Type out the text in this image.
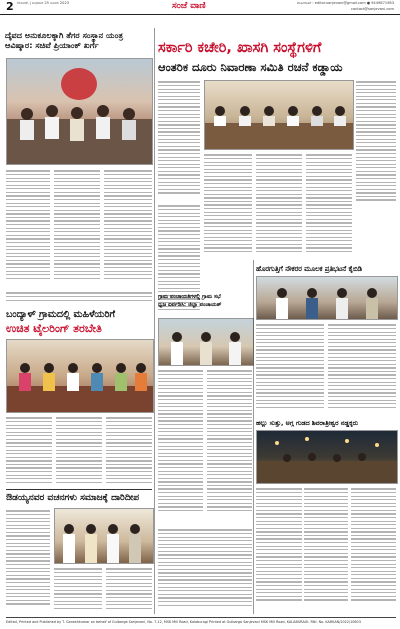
2 ಕಲಬುರಗಿ | ಬುಧವಾರ 25 ಜನವರಿ 2023	ಸಂಜೆ ವಾಣಿ	ಜಾಹೀರಾತಿಗೆ : editor.sanjevani@gmail.com ● 9449871983
contact@sanjevani.com
ದೈವದ ಅನುಕೂಲಕ್ಕಾಗಿ ತೆಗರ ಸಂಸ್ಥಾನ ಯಂತ್ರ ಆವಿಷ್ಕಾರ: ಸಚಿವೆ ಪ್ರಿಯಾಂಕ್ ಖರ್ಗೆ	ಸರ್ಕಾರಿ ಕಚೇರಿ, ಖಾಸಗಿ ಸಂಸ್ಥೆಗಳಿಗೆ
ಆಂತರಿಕ ದೂರು ನಿವಾರಣಾ ಸಮಿತಿ ರಚನೆ ಕಡ್ಡಾಯ
ಹೊರಗುತ್ತಿಗೆ ನೌಕರರ ಮೂಲಕ ಪ್ರತಿಭಟನೆ ಕೈಬಿಡಿ
ಬಂದ್ಯಾಳ್ ಗ್ರಾಮದಲ್ಲಿ ಮಹಿಳೆಯರಿಗೆ
ಉಚಿತ ಟೈಲರಿಂಗ್ ತರಬೇತಿ
ಗ್ರಾಮ ಪಂಚಾಯತಿಗಳಲ್ಲಿ ಗ್ರಾಮ ಸಭೆ
ಧ್ವಜ ಏರ್ಪಡಿಸಿ: ಜಿಲ್ಲಾ ಪಂಚಾಯತ್
ಹಲ್ಲು ಸುತ್ತು, ಅಗ್ಗ ಗುಡದ ಶಿವರಾತ್ರೀಶ್ವರ ನಡ್ಡಕ್ಕರು
ಔಡಯ್ಯನವರ ವಚನಗಳು ಸಮಾಜಕ್ಕೆ ದಾರಿದೀಪ
Edited, Printed and Published by T. Ganeshkumar on behalf of Gulbarga Sanjevani, No. 7-12, MSK Mill Road, Kalaburagi Printed at Gulbarga Sanjevani MSK Mill Road, KALABURAGI. RNI. No. KARKAN/2022/10603
